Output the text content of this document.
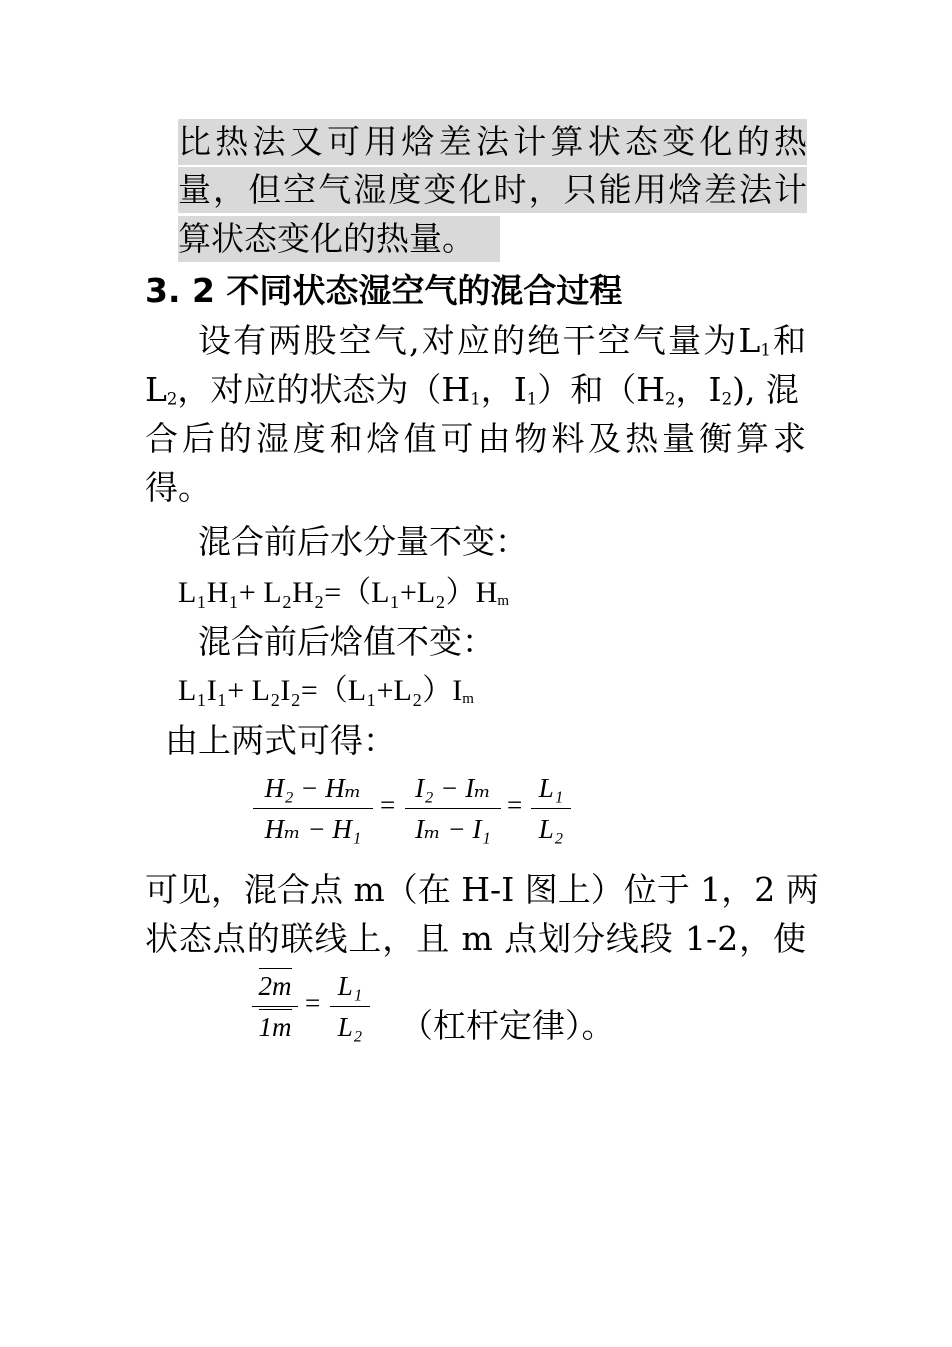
比热法又可用焓差法计算状态变化的热
量，但空气湿度变化时，只能用焓差法计
算状态变化的热量。
3. 2 不同状态湿空气的混合过程
设有两股空气,对应的绝干空气量为$L_1$和
$L_2$，对应的状态为（$H_1$，$I_1$）和（$H_2$，$I_2$), 混
合后的湿度和焓值可由物料及热量衡算求
得。
混合前后水分量不变：
$L_1H_1+ L_2H_2=(L_1+L_2)H_m$
混合前后焓值不变：
$L_1I_1+ L_2I_2=(L_1+L_2)I_m$
由上两式可得：
H₂ − Hₘ
Hₘ − H₁
=
I₂ − Iₘ
Iₘ − I₁
=
L₁
L₂
可见，混合点 m（在 H-I 图上）位于 1，2 两
状态点的联线上，且 m 点划分线段 1-2，使
2m
1m
=
L₁
L₂ （杠杆定律）。
